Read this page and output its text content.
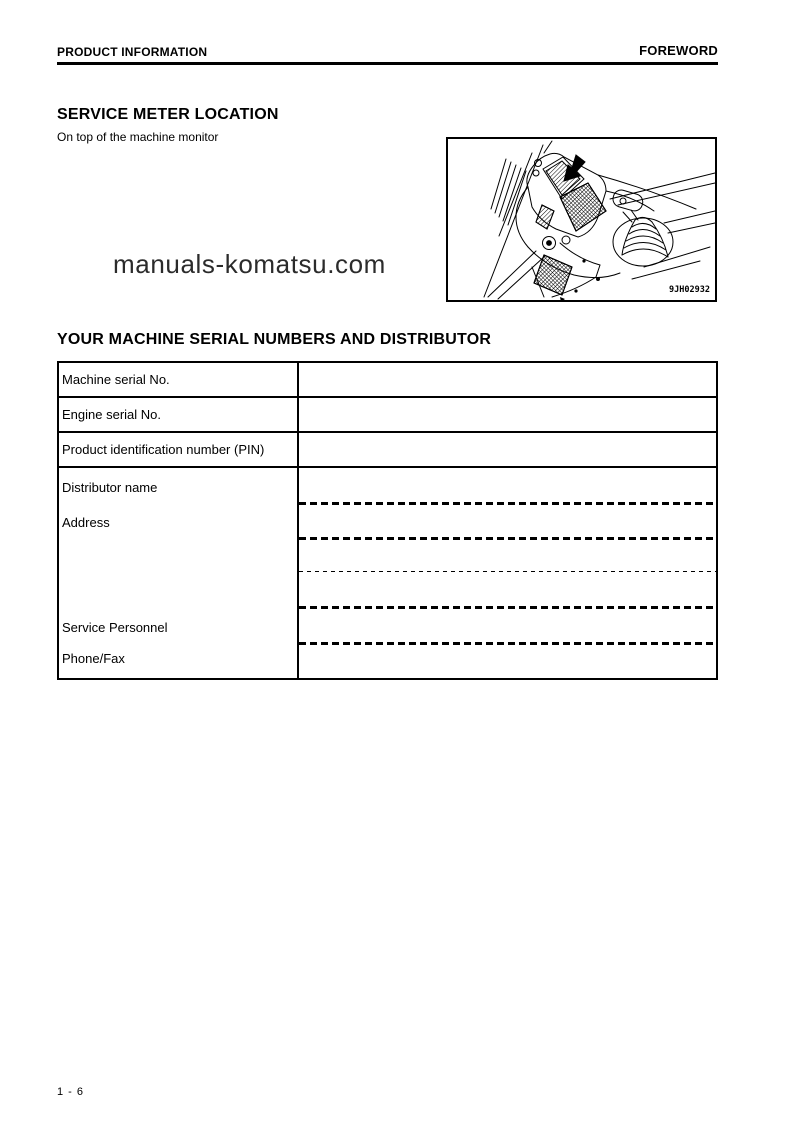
PRODUCT INFORMATION	FOREWORD
SERVICE METER LOCATION
On top of the machine monitor
9JH02932
manuals-komatsu.com
YOUR MACHINE SERIAL NUMBERS AND DISTRIBUTOR
Machine serial No.
Engine serial No.
Product identification number (PIN)
Distributor name
Address
Service Personnel
Phone/Fax
1 - 6
